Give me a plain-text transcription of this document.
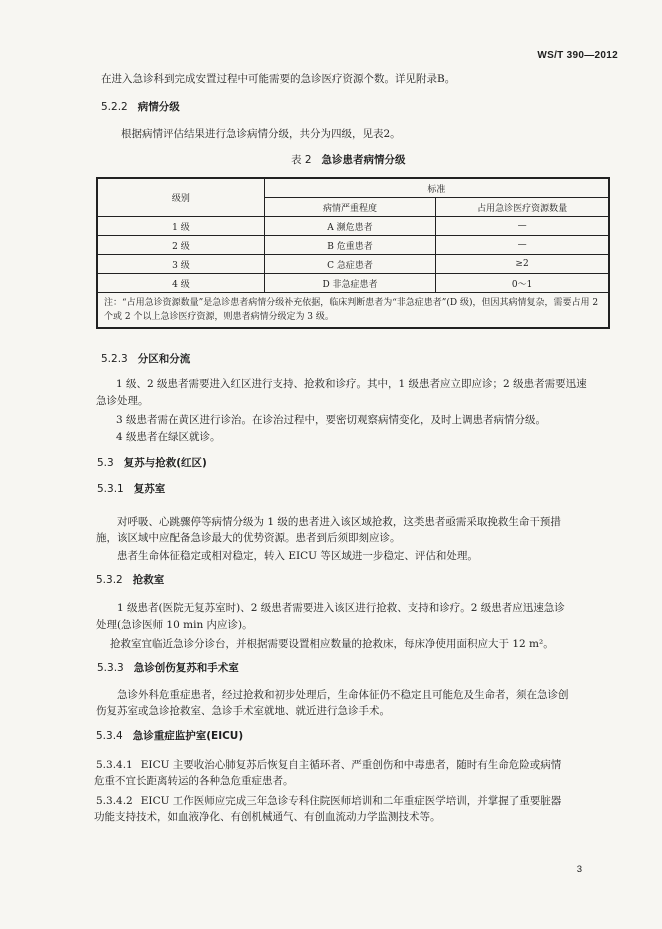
WS/T 390—2012
在进入急诊科到完成安置过程中可能需要的急诊医疗资源个数。详见附录B。
5.2.2 病情分级
根据病情评估结果进行急诊病情分级，共分为四级，见表2。
表 2 急诊患者病情分级
级别	标准	
	病情严重程度	占用急诊医疗资源数量
1 级	A 濒危患者	—
2 级	B 危重患者	—
3 级	C 急症患者	≥2
4 级	D 非急症患者	0～1
注：“占用急诊资源数量”是急诊患者病情分级补充依据，临床判断患者为“非急症患者”(D 级)，但因其病情复杂，需要占用 2 个或 2 个以上急诊医疗资源，则患者病情分级定为 3 级。		
5.2.3 分区和分流
1 级、2 级患者需要进入红区进行支持、抢救和诊疗。其中，1 级患者应立即应诊；2 级患者需要迅速
急诊处理。
3 级患者需在黄区进行诊治。在诊治过程中，要密切观察病情变化，及时上调患者病情分级。
4 级患者在绿区就诊。
5.3 复苏与抢救(红区)
5.3.1 复苏室
对呼吸、心跳骤停等病情分级为 1 级的患者进入该区域抢救，这类患者亟需采取挽救生命干预措
施，该区域中应配备急诊最大的优势资源。患者到后须即刻应诊。
患者生命体征稳定或相对稳定，转入 EICU 等区域进一步稳定、评估和处理。
5.3.2 抢救室
1 级患者(医院无复苏室时)、2 级患者需要进入该区进行抢救、支持和诊疗。2 级患者应迅速急诊
处理(急诊医师 10 min 内应诊)。
抢救室宜临近急诊分诊台，并根据需要设置相应数量的抢救床，每床净使用面积应大于 12 m²。
5.3.3 急诊创伤复苏和手术室
急诊外科危重症患者，经过抢救和初步处理后，生命体征仍不稳定且可能危及生命者，须在急诊创
伤复苏室或急诊抢救室、急诊手术室就地、就近进行急诊手术。
5.3.4 急诊重症监护室(EICU)
5.3.4.1 EICU 主要收治心肺复苏后恢复自主循环者、严重创伤和中毒患者，随时有生命危险或病情
危重不宜长距离转运的各种急危重症患者。
5.3.4.2 EICU 工作医师应完成三年急诊专科住院医师培训和二年重症医学培训，并掌握了重要脏器
功能支持技术，如血液净化、有创机械通气、有创血流动力学监测技术等。
3
